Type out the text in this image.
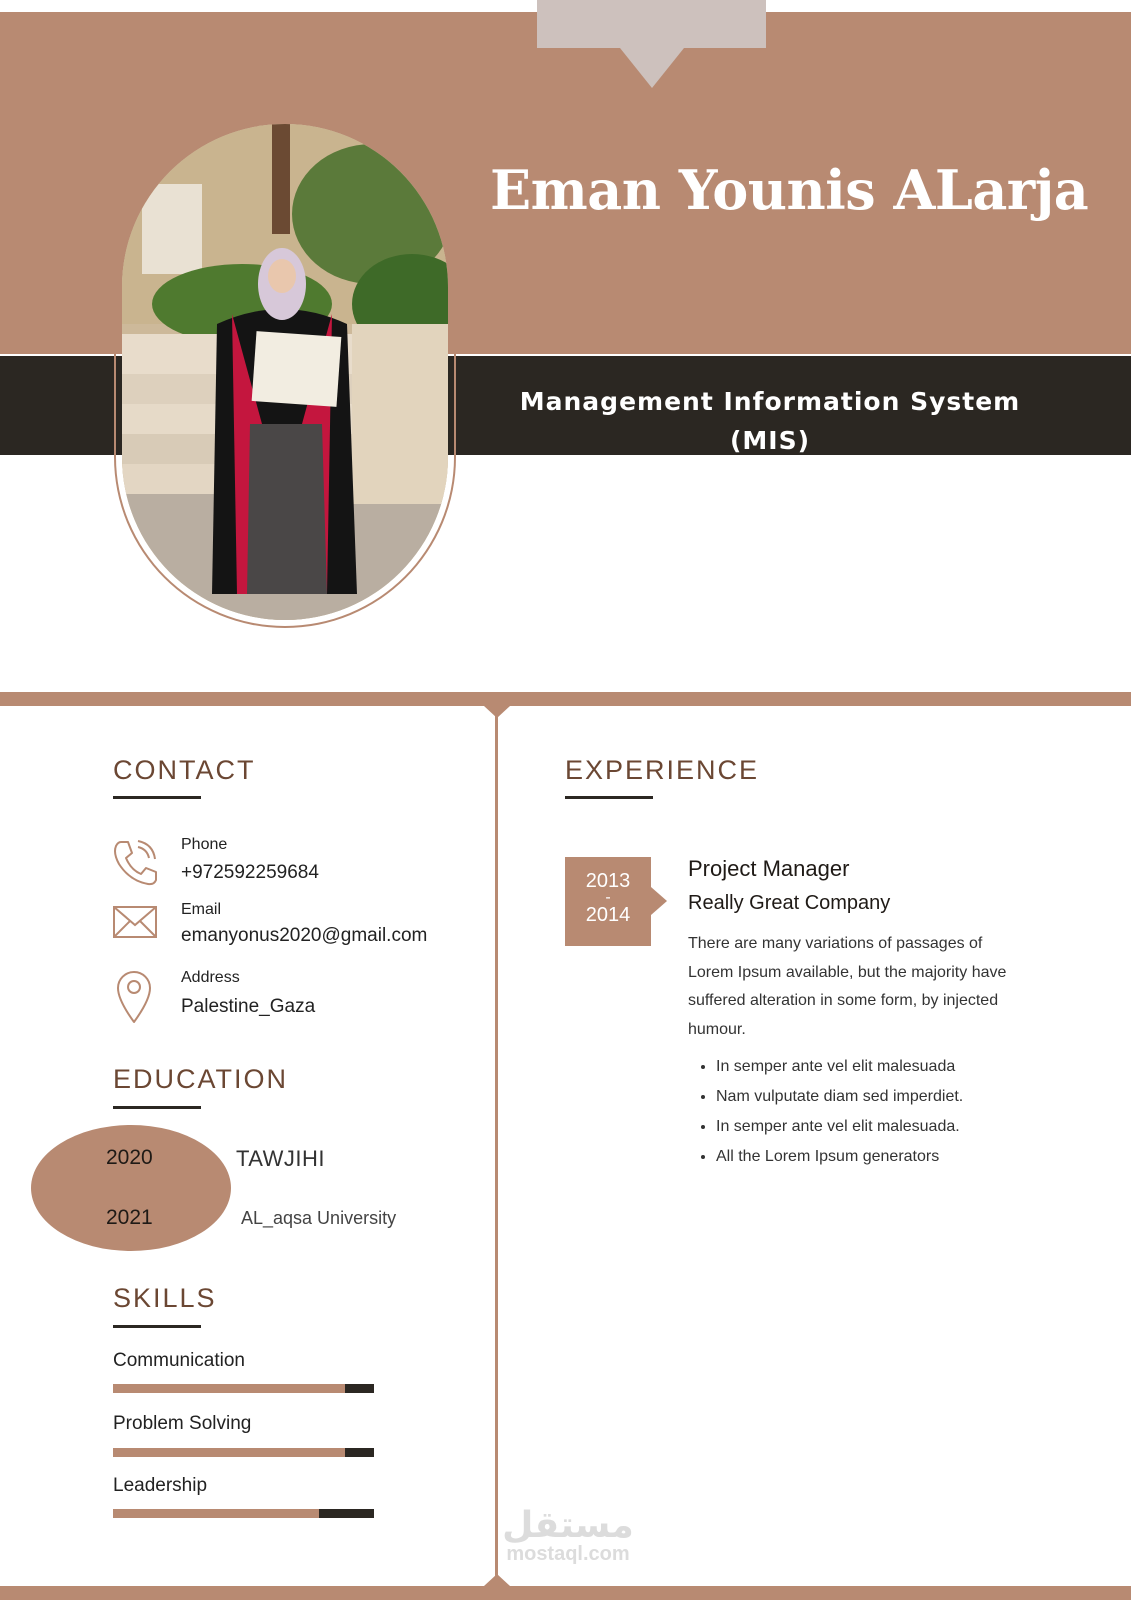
Eman Younis ALarja
Management Information System
(MIS)
CONTACT
Phone
+972592259684
Email
emanyonus2020@gmail.com
Address
Palestine_Gaza
EDUCATION
2020
2021
TAWJIHI
AL_aqsa University
SKILLS
Communication
Problem Solving
Leadership
EXPERIENCE
2013
-
2014
Project Manager
Really Great Company
There are many variations of passages of Lorem Ipsum available, but the majority have suffered alteration in some form, by injected humour.
• In semper ante vel elit malesuada
• Nam vulputate diam sed imperdiet.
• In semper ante vel elit malesuada.
• All the Lorem Ipsum generators
مستقل
mostaql.com
